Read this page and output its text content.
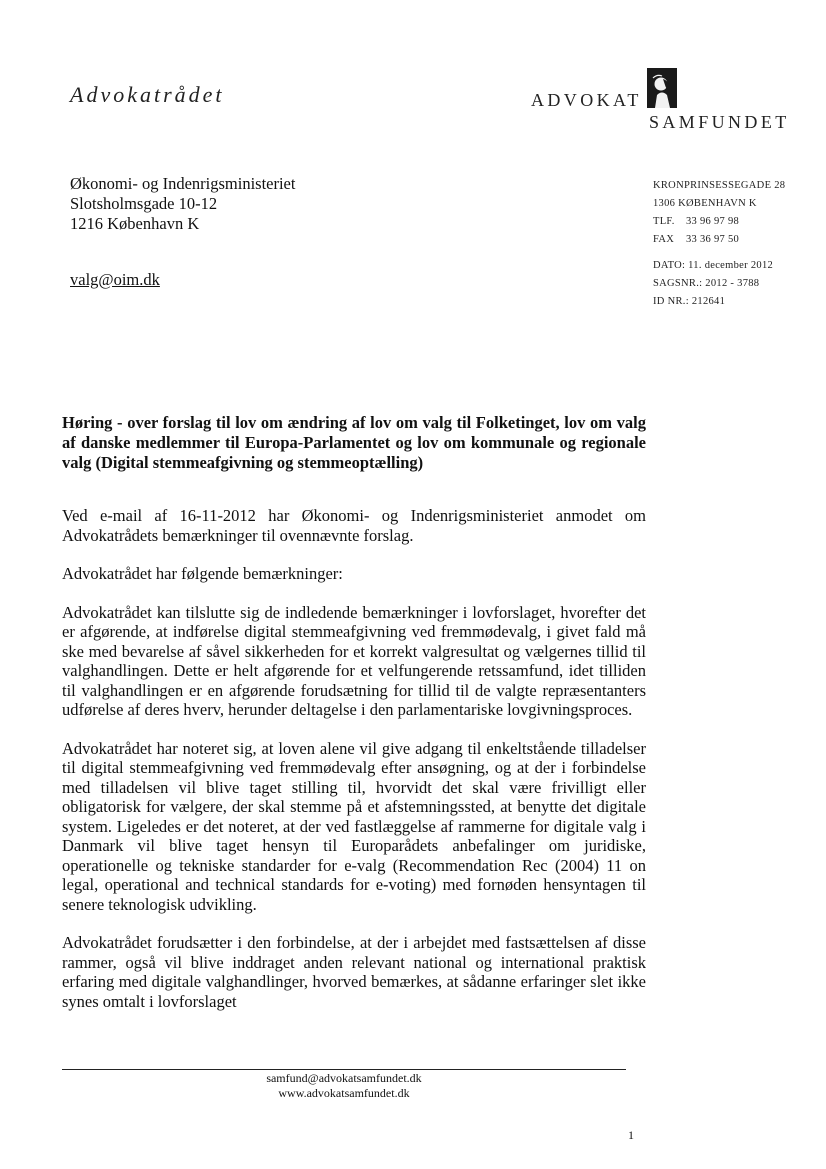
Advokatrådet	ADVOKAT
SAMFUNDET
Økonomi- og Indenrigsministeriet
Slotsholmsgade 10-12
1216 København K
valg@oim.dk
KRONPRINSESSEGADE 28
1306 KØBENHAVN K
TLF. 33 96 97 98
FAX 33 36 97 50
DATO: 11. december 2012
SAGSNR.: 2012 - 3788
ID NR.: 212641
Høring - over forslag til lov om ændring af lov om valg til Folketinget, lov om valg af danske medlemmer til Europa-Parlamentet og lov om kommunale og regionale valg (Digital stemmeafgivning og stemmeoptælling)

Ved e-mail af 16-11-2012 har Økonomi- og Indenrigsministeriet anmodet om Advokatrådets bemærkninger til ovennævnte forslag.

Advokatrådet har følgende bemærkninger:

Advokatrådet kan tilslutte sig de indledende bemærkninger i lovforslaget, hvorefter det er afgørende, at indførelse digital stemmeafgivning ved fremmødevalg, i givet fald må ske med bevarelse af såvel sikkerheden for et korrekt valgresultat og vælgernes tillid til valghandlingen. Dette er helt afgørende for et velfungerende retssamfund, idet tilliden til valghandlingen er en afgørende forudsætning for tillid til de valgte repræsentanters udførelse af deres hverv, herunder deltagelse i den parlamentariske lovgivningsproces.

Advokatrådet har noteret sig, at loven alene vil give adgang til enkeltstående tilladelser til digital stemmeafgivning ved fremmødevalg efter ansøgning, og at der i forbindelse med tilladelsen vil blive taget stilling til, hvorvidt det skal være frivilligt eller obligatorisk for vælgere, der skal stemme på et afstemningssted, at benytte det digitale system. Ligeledes er det noteret, at der ved fastlæggelse af rammerne for digitale valg i Danmark vil blive taget hensyn til Europarådets anbefalinger om juridiske, operationelle og tekniske standarder for e-valg (Recommendation Rec (2004) 11 on legal, operational and technical standards for e-voting) med fornøden hensyntagen til senere teknologisk udvikling.

Advokatrådet forudsætter i den forbindelse, at der i arbejdet med fastsættelsen af disse rammer, også vil blive inddraget anden relevant national og international praktisk erfaring med digitale valghandlinger, hvorved bemærkes, at sådanne erfaringer slet ikke synes omtalt i lovforslaget

samfund@advokatsamfundet.dk
www.advokatsamfundet.dk
1
